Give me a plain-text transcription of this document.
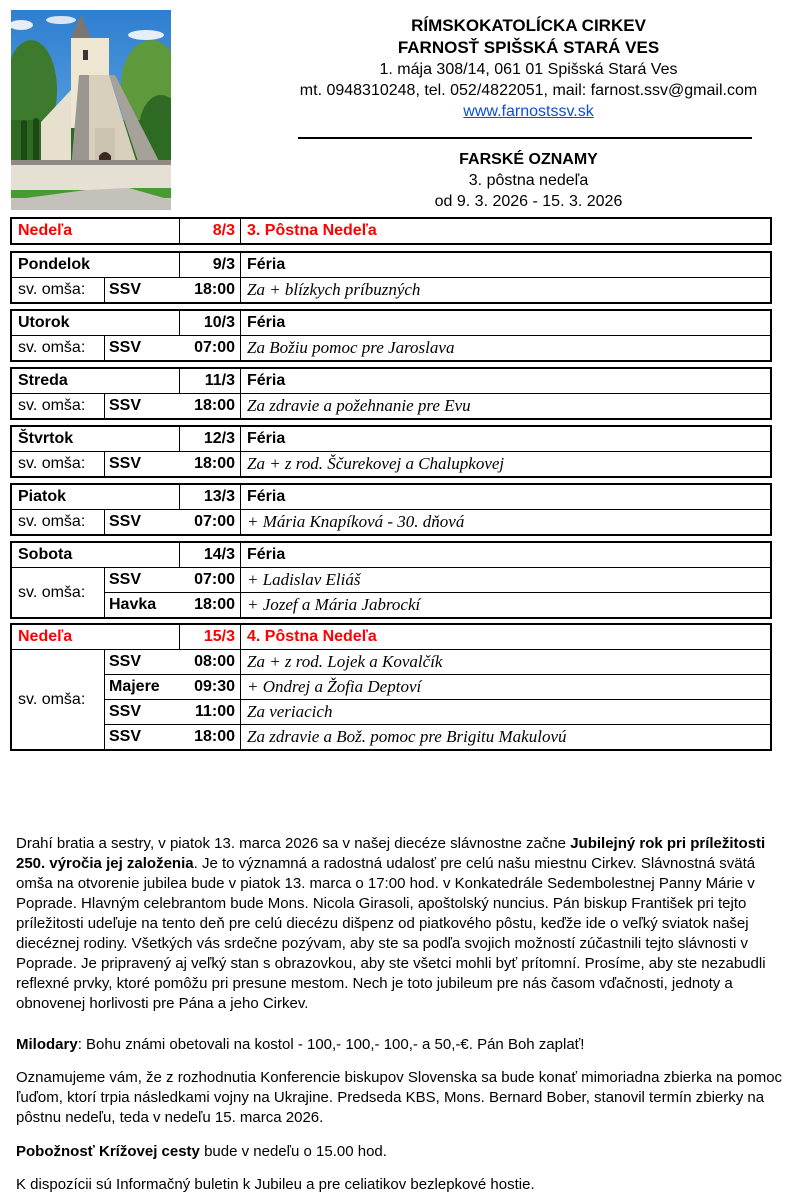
RÍMSKOKATOLÍCKA CIRKEV
FARNOSŤ SPIŠSKÁ STARÁ VES
1. mája 308/14, 061 01 Spišská Stará Ves
mt. 0948310248, tel. 052/4822051, mail: farnost.ssv@gmail.com
www.farnostssv.sk
FARSKÉ OZNAMY
3. pôstna nedeľa
od 9. 3. 2026 - 15. 3. 2026
Nedeľa	8/3 3. Pôstna Nedeľa
Pondelok	9/3 Féria
sv. omša:	SSV	18:00 Za + blízkych príbuzných
Utorok	10/3 Féria
sv. omša:	SSV	07:00 Za Božiu pomoc pre Jaroslava
Streda	11/3 Féria
sv. omša:	SSV	18:00 Za zdravie a požehnanie pre Evu
Štvrtok	12/3 Féria
sv. omša:	SSV	18:00 Za + z rod. Ščurekovej a Chalupkovej
Piatok	13/3 Féria
sv. omša:	SSV	07:00 + Mária Knapíková - 30. dňová
Sobota	14/3 Féria
sv. omša:
SSV	07:00 + Ladislav Eliáš
Havka	18:00 + Jozef a Mária Jabrockí
Nedeľa	15/3 4. Pôstna Nedeľa
sv. omša:
SSV	08:00 Za + z rod. Lojek a Kovalčík
Majere	09:30 + Ondrej a Žofia Deptoví
SSV	11:00 Za veriacich
SSV	18:00 Za zdravie a Bož. pomoc pre Brigitu Makulovú

Drahí bratia a sestry, v piatok 13. marca 2026 sa v našej diecéze slávnostne začne Jubilejný rok pri príležitosti

250. výročia jej založenia. Je to významná a radostná udalosť pre celú našu miestnu Cirkev. Slávnostná svätá

omša na otvorenie jubilea bude v piatok 13. marca o 17:00 hod. v Konkatedrále Sedembolestnej Panny Márie v

Poprade. Hlavným celebrantom bude Mons. Nicola Girasoli, apoštolský nuncius. Pán biskup František pri tejto

príležitosti udeľuje na tento deň pre celú diecézu dišpenz od piatkového pôstu, keďže ide o veľký sviatok našej

diecéznej rodiny. Všetkých vás srdečne pozývam, aby ste sa podľa svojich možností zúčastnili tejto slávnosti v

Poprade. Je pripravený aj veľký stan s obrazovkou, aby ste všetci mohli byť prítomní. Prosíme, aby ste nezabudli

reflexné prvky, ktoré pomôžu pri presune mestom. Nech je toto jubileum pre nás časom vďačnosti, jednoty a

obnovenej horlivosti pre Pána a jeho Cirkev.

Milodary: Bohu známi obetovali na kostol - 100,- 100,- 100,- a 50,-€. Pán Boh zaplať!

Oznamujeme vám, že z rozhodnutia Konferencie biskupov Slovenska sa bude konať mimoriadna zbierka na pomoc

ľuďom, ktorí trpia následkami vojny na Ukrajine. Predseda KBS, Mons. Bernard Bober, stanovil termín zbierky na

pôstnu nedeľu, teda v nedeľu 15. marca 2026.

Pobožnosť Krížovej cesty bude v nedeľu o 15.00 hod.

K dispozícii sú Informačný buletin k Jubileu a pre celiatikov bezlepkové hostie.
